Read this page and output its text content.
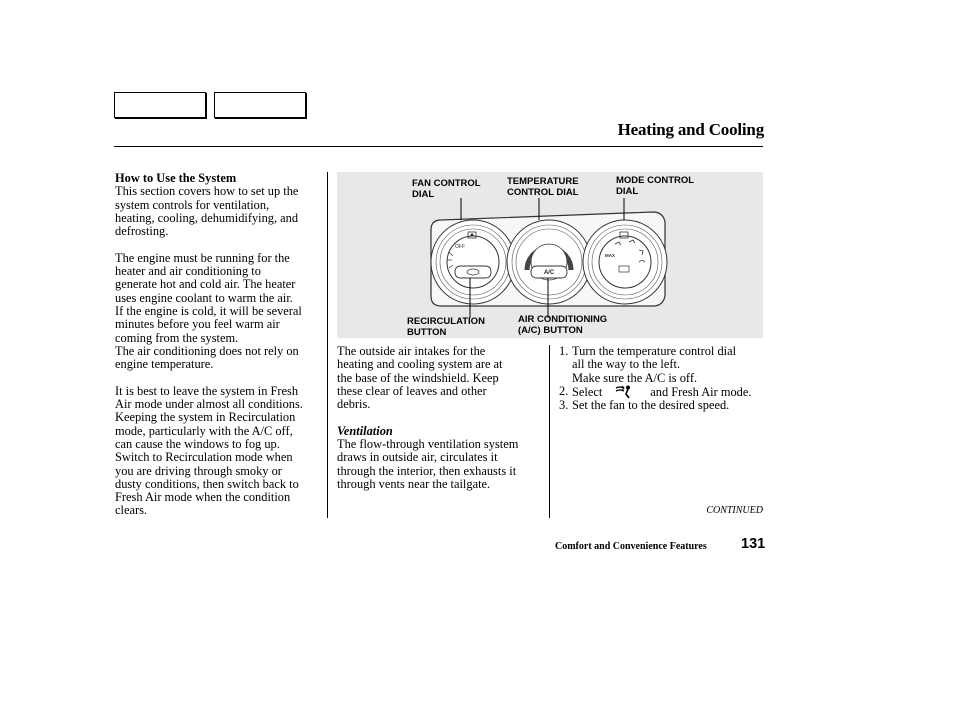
Heating and Cooling

How to Use the System

This section covers how to set up the
system controls for ventilation,
heating, cooling, dehumidifying, and
defrosting.
The engine must be running for the
heater and air conditioning to
generate hot and cold air. The heater
uses engine coolant to warm the air.
If the engine is cold, it will be several
minutes before you feel warm air
coming from the system.
The air conditioning does not rely on
engine temperature.
It is best to leave the system in Fresh
Air mode under almost all conditions.
Keeping the system in Recirculation
mode, particularly with the A/C off,
can cause the windows to fog up.
Switch to Recirculation mode when
you are driving through smoky or
dusty conditions, then switch back to
Fresh Air mode when the condition
clears.
OFF
A/C
MAX
FAN CONTROL
DIAL
TEMPERATURE
CONTROL DIAL
MODE CONTROL
DIAL
RECIRCULATION
BUTTON
AIR CONDITIONING
(A/C) BUTTON
The outside air intakes for the
heating and cooling system are at
the base of the windshield. Keep
these clear of leaves and other
debris.

Ventilation

The flow-through ventilation system
draws in outside air, circulates it
through the interior, then exhausts it
through vents near the tailgate.
1. Turn the temperature control dial
all the way to the left.
Make sure the A/C is off.
2. Select	and Fresh Air mode.
3. Set the fan to the desired speed.
CONTINUED
Comfort and Convenience Features 131
